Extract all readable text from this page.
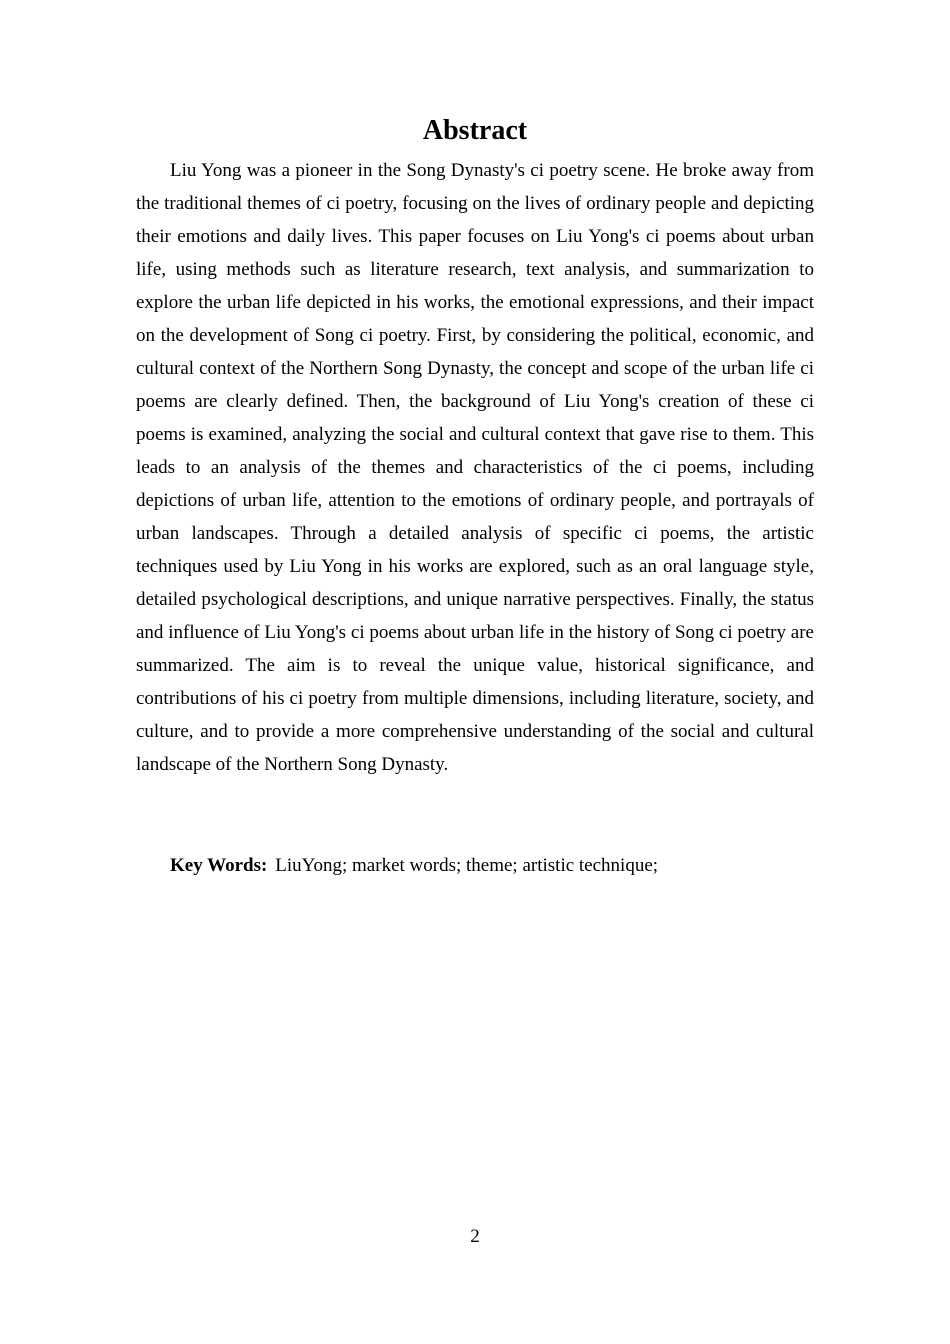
Abstract

Liu Yong was a pioneer in the Song Dynasty's ci poetry scene. He broke away from the traditional themes of ci poetry, focusing on the lives of ordinary people and depicting their emotions and daily lives. This paper focuses on Liu Yong's ci poems about urban life, using methods such as literature research, text analysis, and summarization to explore the urban life depicted in his works, the emotional expressions, and their impact on the development of Song ci poetry. First, by considering the political, economic, and cultural context of the Northern Song Dynasty, the concept and scope of the urban life ci poems are clearly defined. Then, the background of Liu Yong's creation of these ci poems is examined, analyzing the social and cultural context that gave rise to them. This leads to an analysis of the themes and characteristics of the ci poems, including depictions of urban life, attention to the emotions of ordinary people, and portrayals of urban landscapes. Through a detailed analysis of specific ci poems, the artistic techniques used by Liu Yong in his works are explored, such as an oral language style, detailed psychological descriptions, and unique narrative perspectives. Finally, the status and influence of Liu Yong's ci poems about urban life in the history of Song ci poetry are summarized. The aim is to reveal the unique value, historical significance, and contributions of his ci poetry from multiple dimensions, including literature, society, and culture, and to provide a more comprehensive understanding of the social and cultural landscape of the Northern Song Dynasty.

Key Words: LiuYong; market words; theme; artistic technique;

2
